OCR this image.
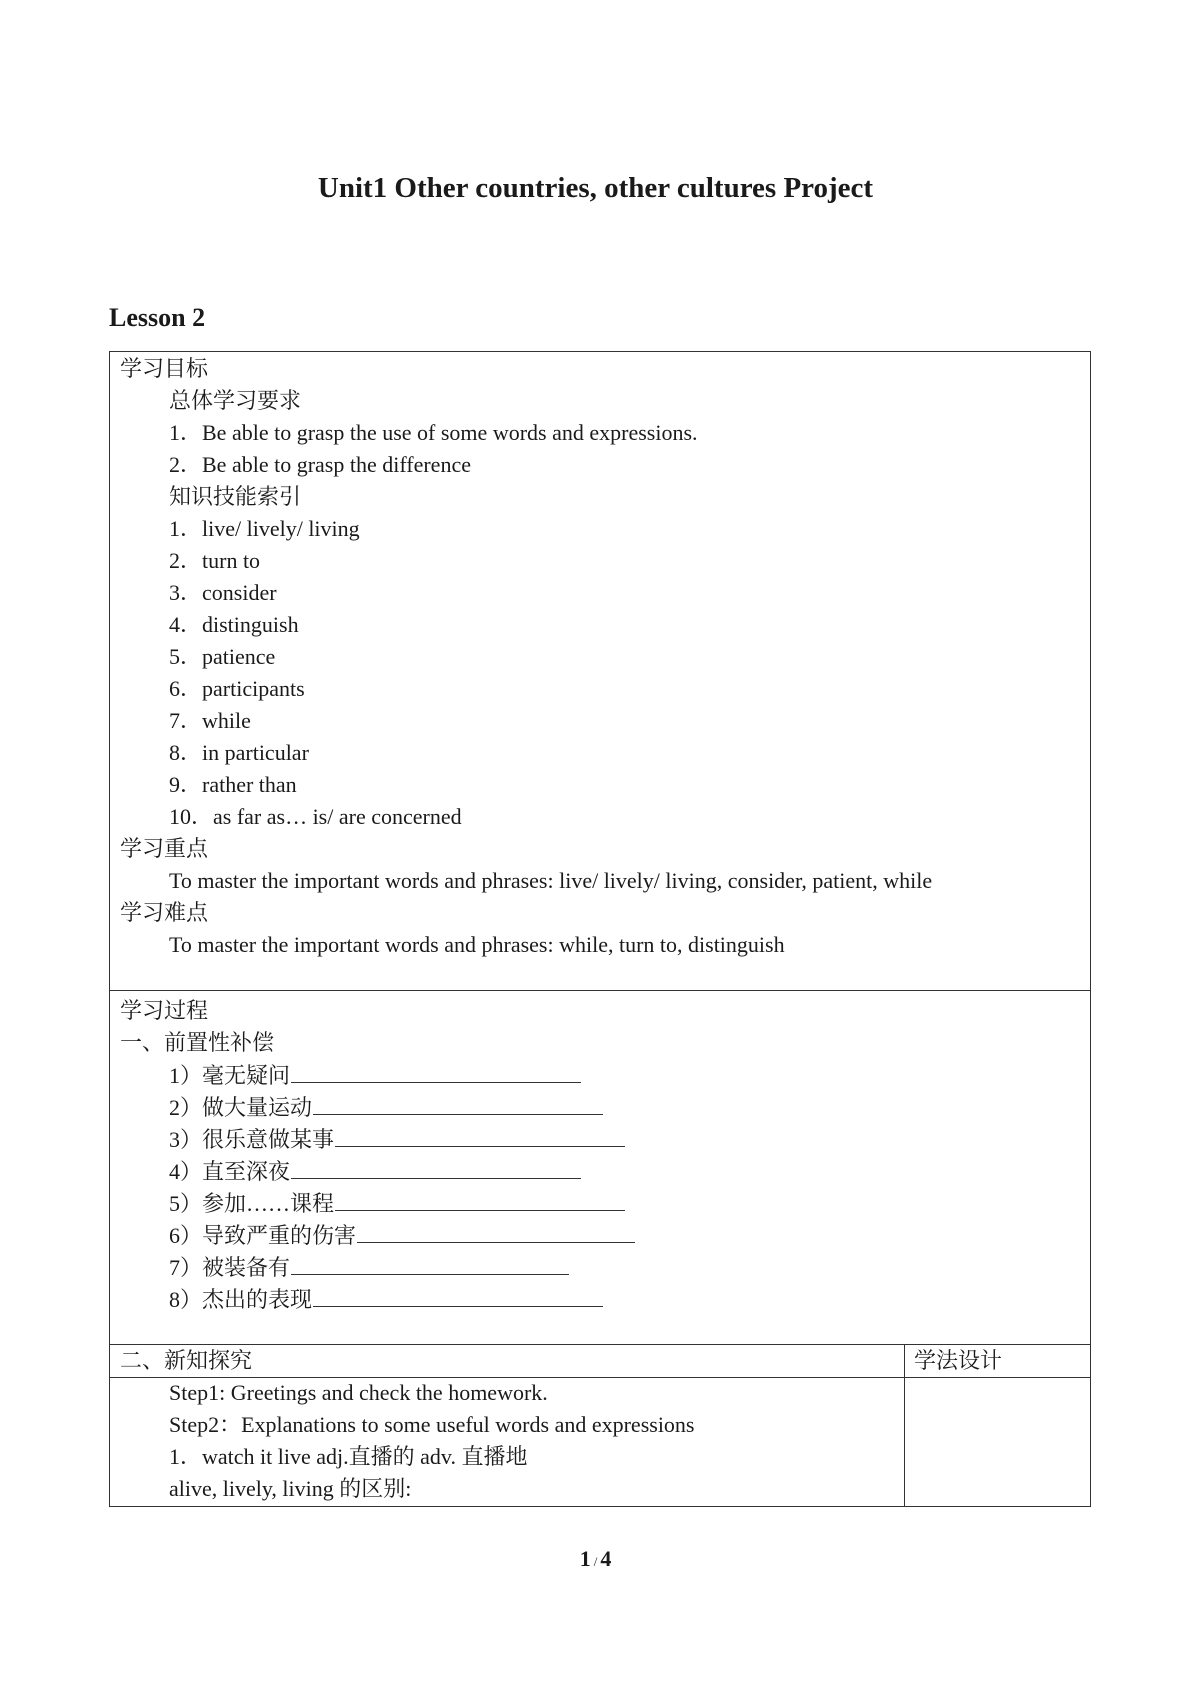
Unit1 Other countries, other cultures Project
Lesson 2
学习目标
总体学习要求
1．Be able to grasp the use of some words and expressions.
2．Be able to grasp the difference
知识技能索引
1．live/ lively/ living
2．turn to
3．consider
4．distinguish
5．patience
6．participants
7．while
8．in particular
9．rather than
10．as far as… is/ are concerned
学习重点
To master the important words and phrases: live/ lively/ living, consider, patient, while
学习难点
To master the important words and phrases: while, turn to, distinguish
学习过程
一、前置性补偿
1）毫无疑问
2）做大量运动
3）很乐意做某事
4）直至深夜
5）参加……课程
6）导致严重的伤害
7）被装备有
8）杰出的表现
二、新知探究	学法设计
Step1: Greetings and check the homework.
Step2：Explanations to some useful words and expressions
1．watch it live adj.直播的 adv. 直播地
alive, lively, living 的区别:
1 / 4
